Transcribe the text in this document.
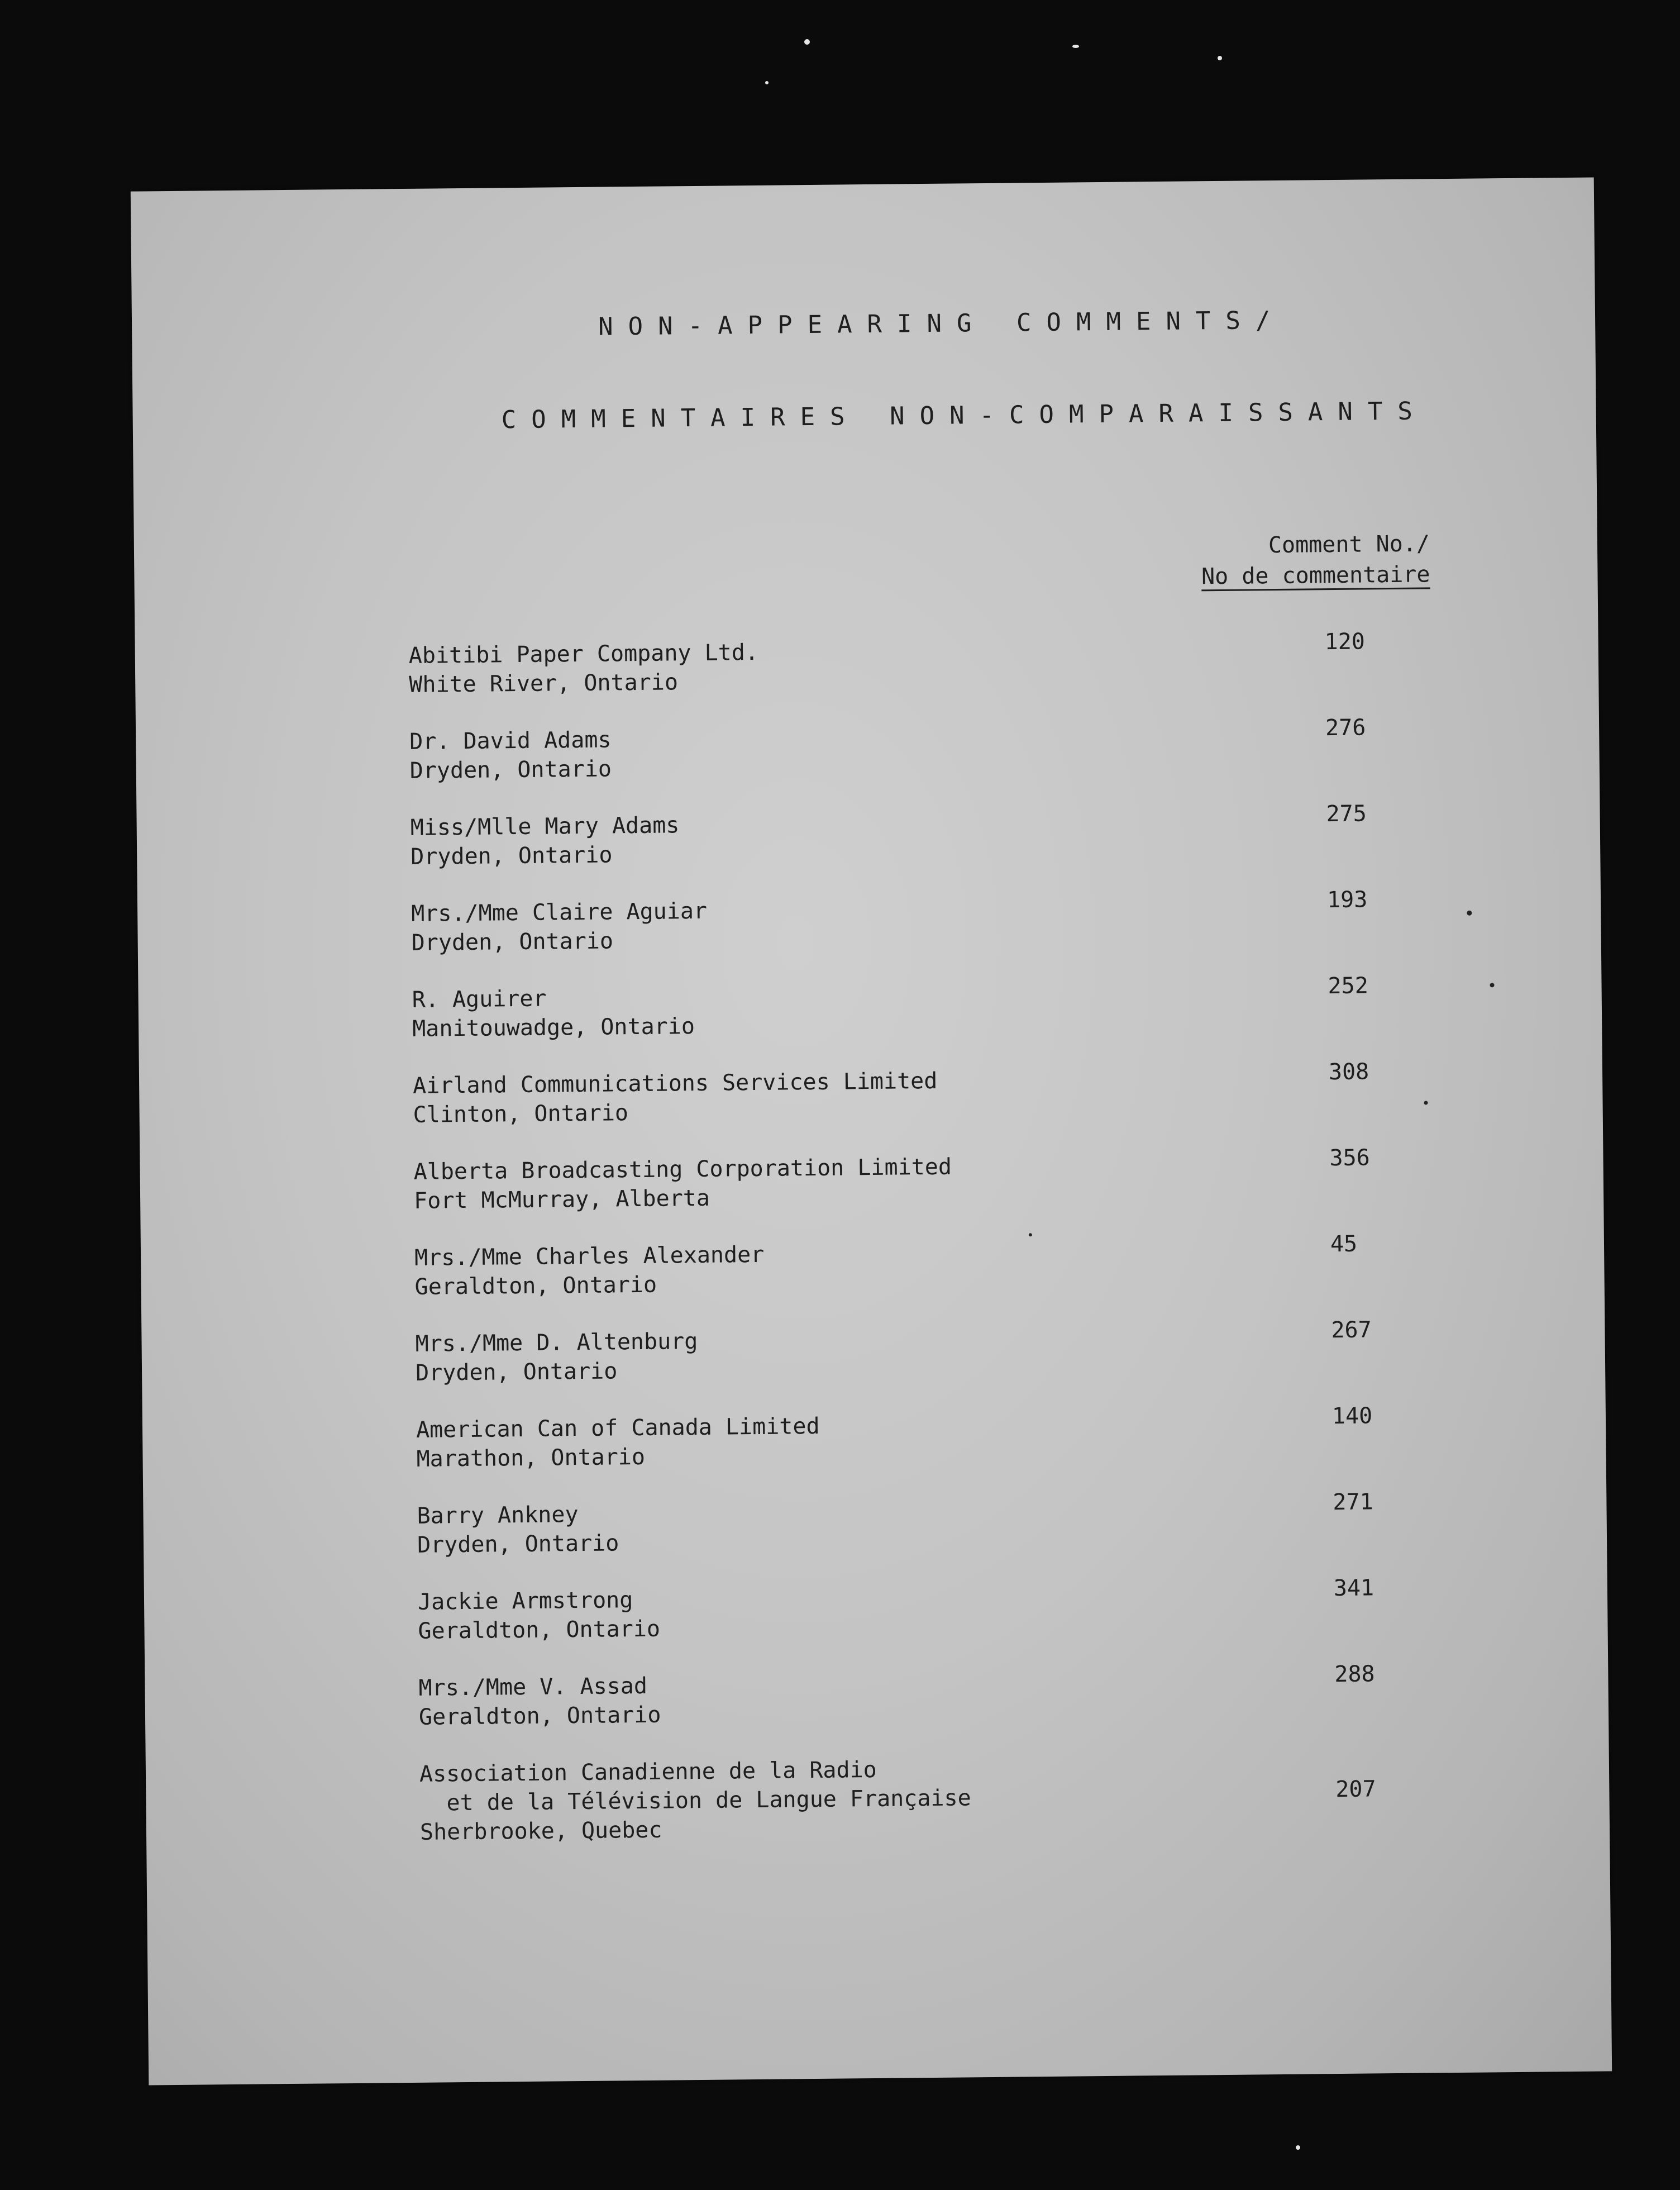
NON-APPEARING COMMENTS/
COMMENTAIRES NON-COMPARAISSANTS
Comment No./
No de commentaire
Abitibi Paper Company Ltd.
White River, Ontario
120
Dr. David Adams
Dryden, Ontario
276
Miss/Mlle Mary Adams
Dryden, Ontario
275
Mrs./Mme Claire Aguiar
Dryden, Ontario
193
R. Aguirer
Manitouwadge, Ontario
252
Airland Communications Services Limited
Clinton, Ontario
308
Alberta Broadcasting Corporation Limited
Fort McMurray, Alberta
356
Mrs./Mme Charles Alexander
Geraldton, Ontario
45
Mrs./Mme D. Altenburg
Dryden, Ontario
267
American Can of Canada Limited
Marathon, Ontario
140
Barry Ankney
Dryden, Ontario
271
Jackie Armstrong
Geraldton, Ontario
341
Mrs./Mme V. Assad
Geraldton, Ontario
288
Association Canadienne de la Radio
et de la Télévision de Langue Française
Sherbrooke, Quebec
207
